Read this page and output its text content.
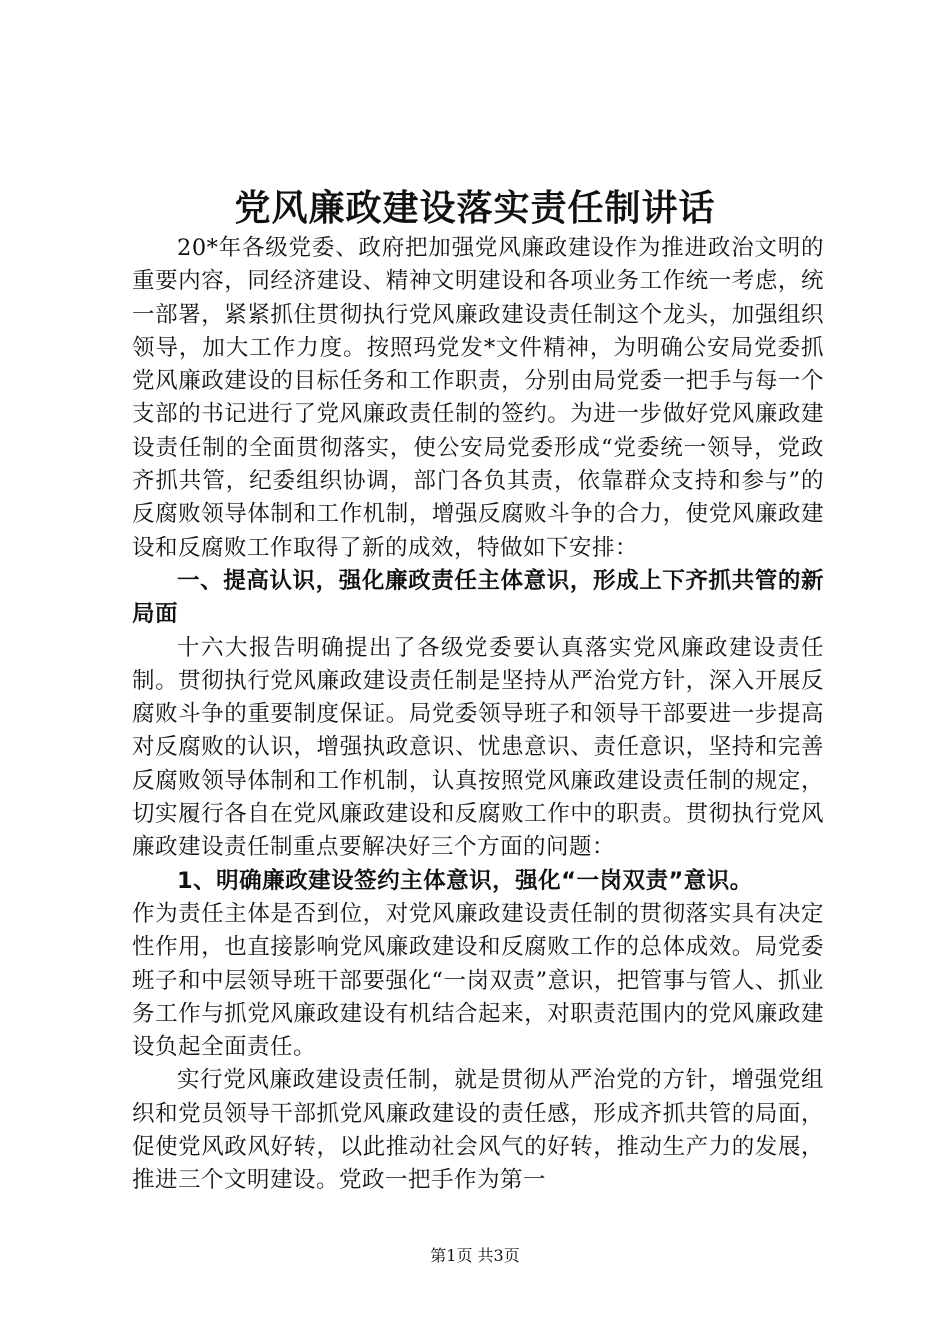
党风廉政建设落实责任制讲话

20*年各级党委、政府把加强党风廉政建设作为推进政治文明的重要内容，同经济建设、精神文明建设和各项业务工作统一考虑，统一部署，紧紧抓住贯彻执行党风廉政建设责任制这个龙头，加强组织领导，加大工作力度。按照玛党发*文件精神，为明确公安局党委抓党风廉政建设的目标任务和工作职责，分别由局党委一把手与每一个支部的书记进行了党风廉政责任制的签约。为进一步做好党风廉政建设责任制的全面贯彻落实，使公安局党委形成“党委统一领导，党政齐抓共管，纪委组织协调，部门各负其责，依靠群众支持和参与”的反腐败领导体制和工作机制，增强反腐败斗争的合力，使党风廉政建设和反腐败工作取得了新的成效，特做如下安排：

一、提高认识，强化廉政责任主体意识，形成上下齐抓共管的新局面

十六大报告明确提出了各级党委要认真落实党风廉政建设责任制。贯彻执行党风廉政建设责任制是坚持从严治党方针，深入开展反腐败斗争的重要制度保证。局党委领导班子和领导干部要进一步提高对反腐败的认识，增强执政意识、忧患意识、责任意识，坚持和完善反腐败领导体制和工作机制，认真按照党风廉政建设责任制的规定，切实履行各自在党风廉政建设和反腐败工作中的职责。贯彻执行党风廉政建设责任制重点要解决好三个方面的问题：

1、明确廉政建设签约主体意识，强化“一岗双责”意识。

作为责任主体是否到位，对党风廉政建设责任制的贯彻落实具有决定性作用，也直接影响党风廉政建设和反腐败工作的总体成效。局党委班子和中层领导班干部要强化“一岗双责”意识，把管事与管人、抓业务工作与抓党风廉政建设有机结合起来，对职责范围内的党风廉政建设负起全面责任。

实行党风廉政建设责任制，就是贯彻从严治党的方针，增强党组织和党员领导干部抓党风廉政建设的责任感，形成齐抓共管的局面，促使党风政风好转，以此推动社会风气的好转，推动生产力的发展，推进三个文明建设。党政一把手作为第一

第1页 共3页
